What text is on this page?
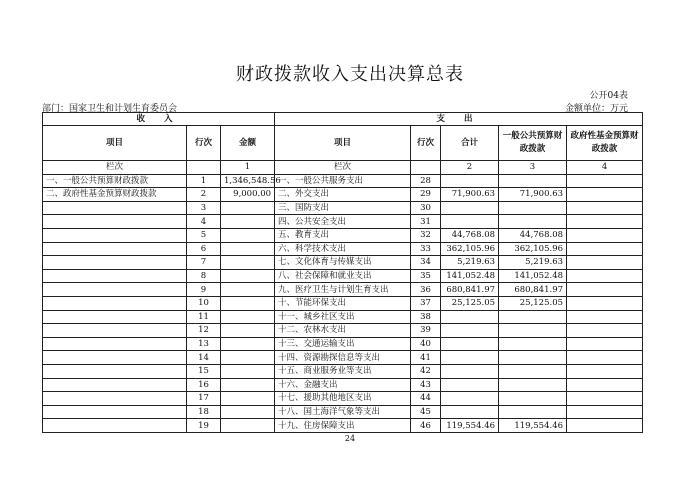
财政拨款收入支出决算总表
公开04表
部门：国家卫生和计划生育委员会	金额单位：万元
收 入			支 出				
项目	行次	金额	项目	行次	合计	一般公共预算财政拨款	政府性基金预算财政拨款
栏次		1	栏次		2	3	4
一、一般公共预算财政拨款	1	1,346,548.56	一、一般公共服务支出	28			
二、政府性基金预算财政拨款	2	9,000.00	二、外交支出	29	71,900.63	71,900.63	
	3		三、国防支出	30			
	4		四、公共安全支出	31			
	5		五、教育支出	32	44,768.08	44,768.08	
	6		六、科学技术支出	33	362,105.96	362,105.96	
	7		七、文化体育与传媒支出	34	5,219.63	5,219.63	
	8		八、社会保障和就业支出	35	141,052.48	141,052.48	
	9		九、医疗卫生与计划生育支出	36	680,841.97	680,841.97	
	10		十、节能环保支出	37	25,125.05	25,125.05	
	11		十一、城乡社区支出	38			
	12		十二、农林水支出	39			
	13		十三、交通运输支出	40			
	14		十四、资源勘探信息等支出	41			
	15		十五、商业服务业等支出	42			
	16		十六、金融支出	43			
	17		十七、援助其他地区支出	44			
	18		十八、国土海洋气象等支出	45			
	19		十九、住房保障支出	46	119,554.46	119,554.46	
24
